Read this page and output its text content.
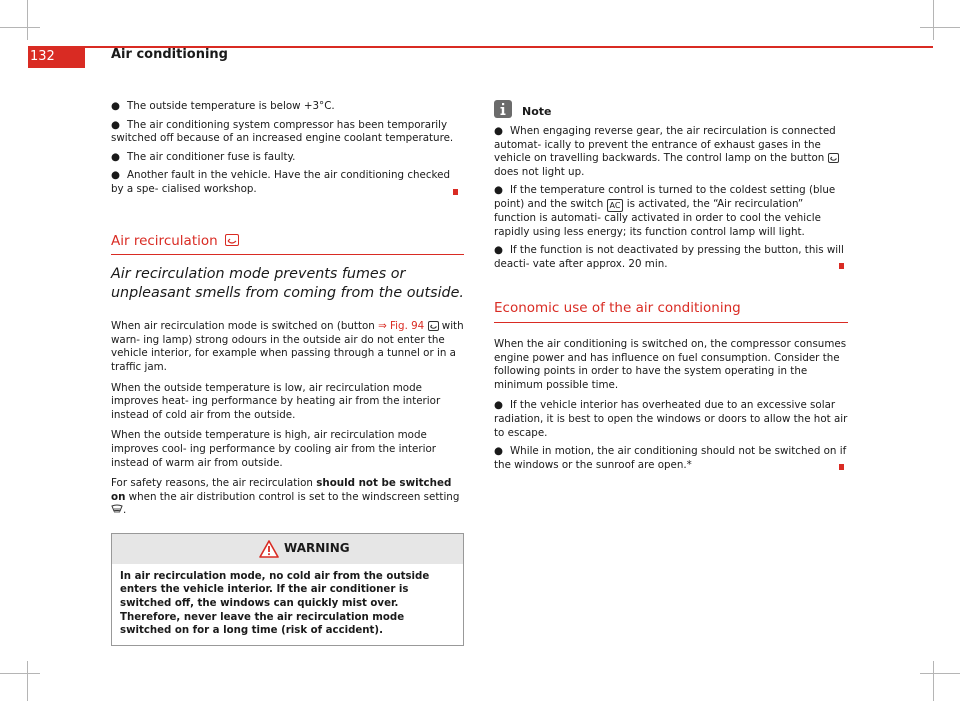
132	Air conditioning

● The outside temperature is below +3°C.

● The air conditioning system compressor has been temporarily switched off because of an increased engine coolant temperature.

● The air conditioner fuse is faulty.

● Another fault in the vehicle. Have the air conditioning checked by a spe- cialised workshop.

Air recirculation

Air recirculation mode prevents fumes or unpleasant smells from coming from the outside.

When air recirculation mode is switched on (button ⇒ Fig. 94
with warn- ing lamp) strong odours in the outside air do not enter the vehicle interior, for example when passing through a tunnel or in a traffic jam.

When the outside temperature is low, air recirculation mode improves heat- ing performance by heating air from the interior instead of cold air from the outside.

When the outside temperature is high, air recirculation mode improves cool- ing performance by cooling air from the interior instead of warm air from outside.

For safety reasons, the air recirculation should not be switched on when the air distribution control is set to the windscreen setting .

WARNING
In air recirculation mode, no cold air from the outside enters the vehicle interior. If the air conditioner is switched off, the windows can quickly mist over. Therefore, never leave the air recirculation mode switched on for a long time (risk of accident).
Note

● When engaging reverse gear, the air recirculation is connected automat- ically to prevent the entrance of exhaust gases in the vehicle on travelling backwards. The control lamp on the button
does not light up.

● If the temperature control is turned to the coldest setting (blue point) and the switch AC is activated, the “Air recirculation” function is automati- cally activated in order to cool the vehicle rapidly using less energy; its function control lamp will light.

● If the function is not deactivated by pressing the button, this will deacti- vate after approx. 20 min.

Economic use of the air conditioning

When the air conditioning is switched on, the compressor consumes engine power and has influence on fuel consumption. Consider the following points in order to have the system operating in the minimum possible time.

● If the vehicle interior has overheated due to an excessive solar radiation, it is best to open the windows or doors to allow the hot air to escape.

● While in motion, the air conditioning should not be switched on if the windows or the sunroof are open.*
